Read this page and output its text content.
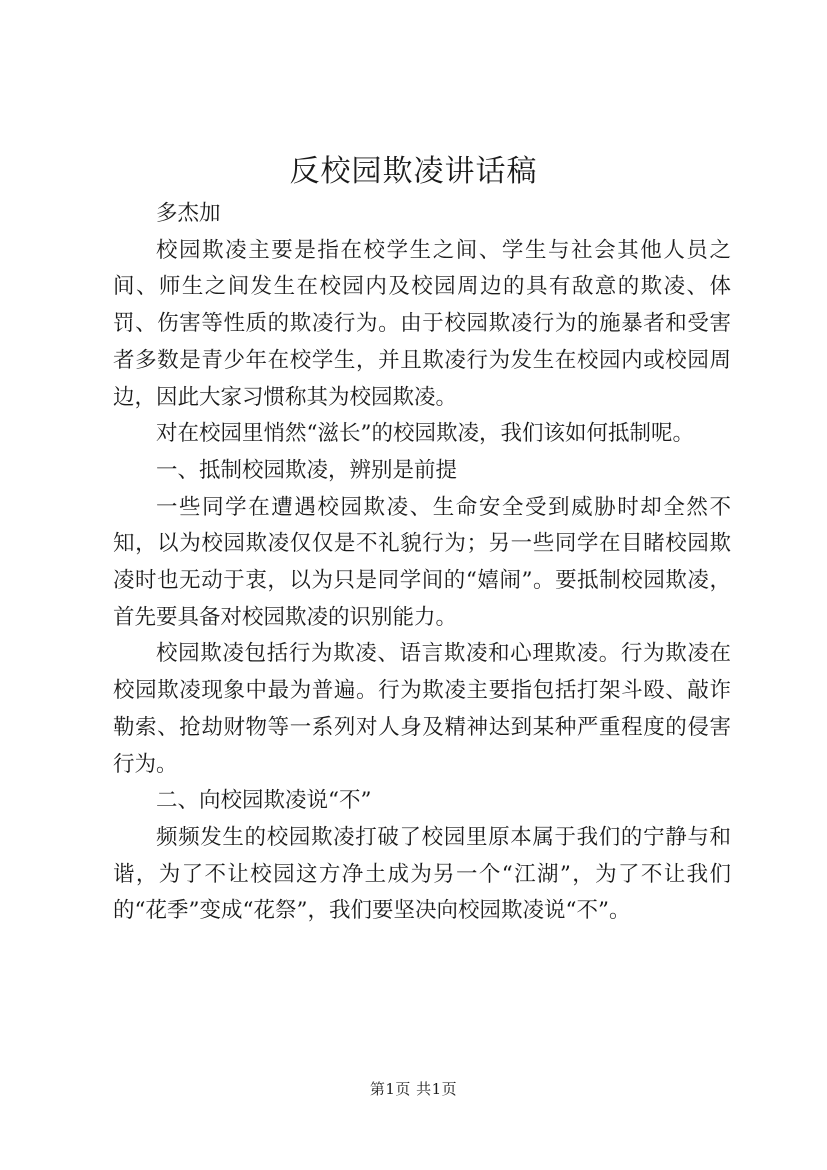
反校园欺凌讲话稿

多杰加

校园欺凌主要是指在校学生之间、学生与社会其他人员之间、师生之间发生在校园内及校园周边的具有敌意的欺凌、体罚、伤害等性质的欺凌行为。由于校园欺凌行为的施暴者和受害者多数是青少年在校学生，并且欺凌行为发生在校园内或校园周边，因此大家习惯称其为校园欺凌。

对在校园里悄然“滋长”的校园欺凌，我们该如何抵制呢。

一、抵制校园欺凌，辨别是前提

一些同学在遭遇校园欺凌、生命安全受到威胁时却全然不知，以为校园欺凌仅仅是不礼貌行为；另一些同学在目睹校园欺凌时也无动于衷，以为只是同学间的“嬉闹”。要抵制校园欺凌，首先要具备对校园欺凌的识别能力。

校园欺凌包括行为欺凌、语言欺凌和心理欺凌。行为欺凌在校园欺凌现象中最为普遍。行为欺凌主要指包括打架斗殴、敲诈勒索、抢劫财物等一系列对人身及精神达到某种严重程度的侵害行为。

二、向校园欺凌说“不”

频频发生的校园欺凌打破了校园里原本属于我们的宁静与和谐，为了不让校园这方净土成为另一个“江湖”，为了不让我们的“花季”变成“花祭”，我们要坚决向校园欺凌说“不”。

第1页 共1页
